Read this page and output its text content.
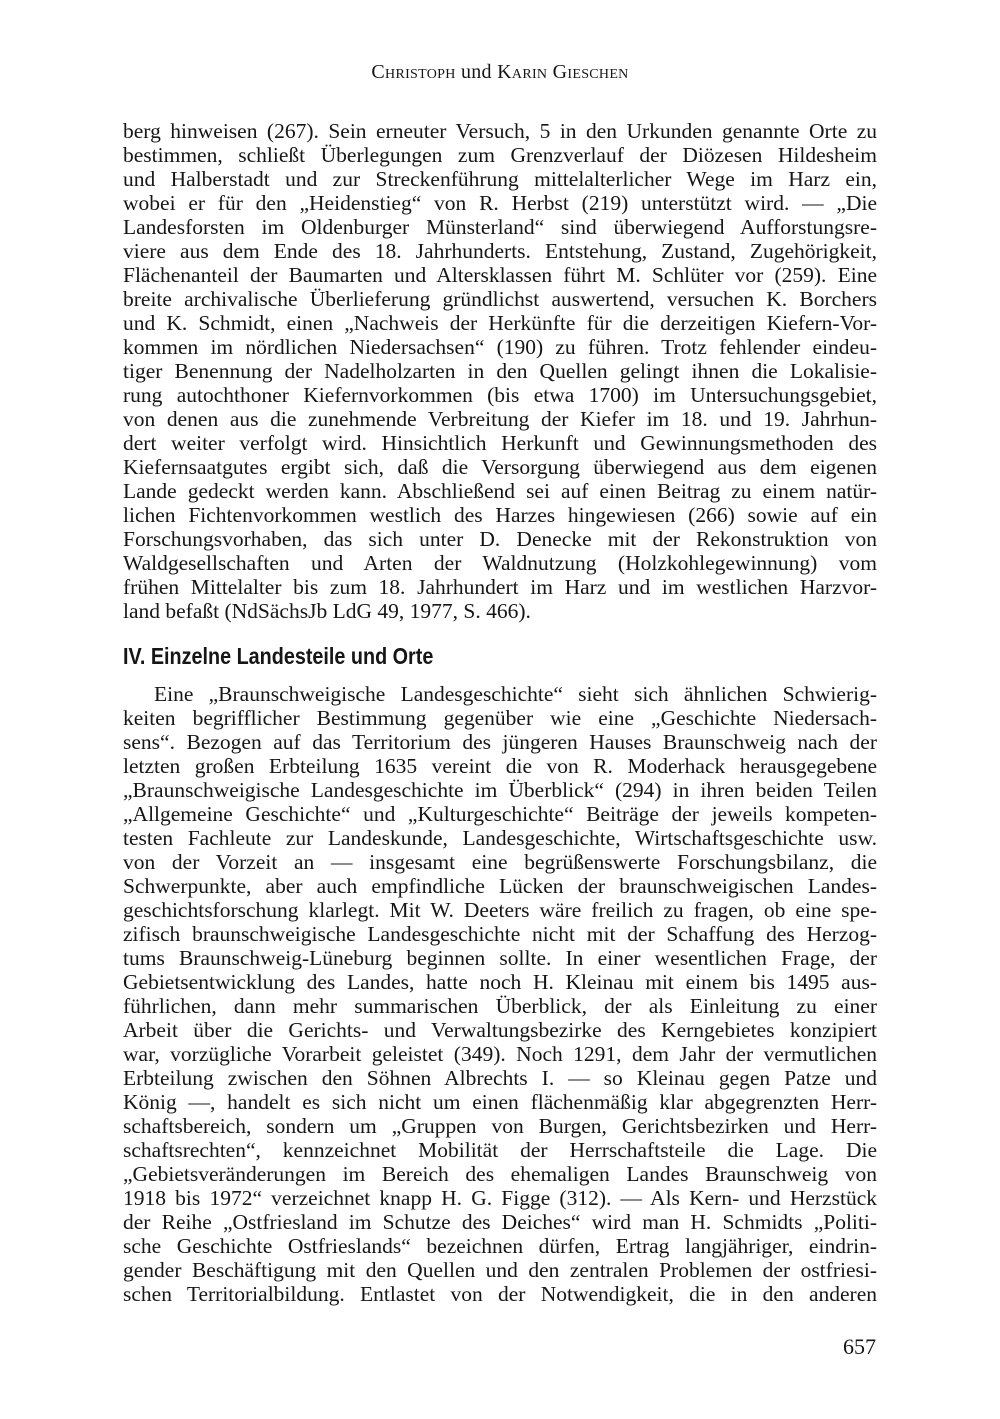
Christoph und Karin Gieschen
berg hinweisen (267). Sein erneuter Versuch, 5 in den Urkunden genannte Orte zu
bestimmen, schließt Überlegungen zum Grenzverlauf der Diözesen Hildesheim
und Halberstadt und zur Streckenführung mittelalterlicher Wege im Harz ein,
wobei er für den „Heidenstieg“ von R. Herbst (219) unterstützt wird. — „Die
Landesforsten im Oldenburger Münsterland“ sind überwiegend Aufforstungsre-
viere aus dem Ende des 18. Jahrhunderts. Entstehung, Zustand, Zugehörigkeit,
Flächenanteil der Baumarten und Altersklassen führt M. Schlüter vor (259). Eine
breite archivalische Überlieferung gründlichst auswertend, versuchen K. Borchers
und K. Schmidt, einen „Nachweis der Herkünfte für die derzeitigen Kiefern-Vor-
kommen im nördlichen Niedersachsen“ (190) zu führen. Trotz fehlender eindeu-
tiger Benennung der Nadelholzarten in den Quellen gelingt ihnen die Lokalisie-
rung autochthoner Kiefernvorkommen (bis etwa 1700) im Untersuchungsgebiet,
von denen aus die zunehmende Verbreitung der Kiefer im 18. und 19. Jahrhun-
dert weiter verfolgt wird. Hinsichtlich Herkunft und Gewinnungsmethoden des
Kiefernsaatgutes ergibt sich, daß die Versorgung überwiegend aus dem eigenen
Lande gedeckt werden kann. Abschließend sei auf einen Beitrag zu einem natür-
lichen Fichtenvorkommen westlich des Harzes hingewiesen (266) sowie auf ein
Forschungsvorhaben, das sich unter D. Denecke mit der Rekonstruktion von
Waldgesellschaften und Arten der Waldnutzung (Holzkohlegewinnung) vom
frühen Mittelalter bis zum 18. Jahrhundert im Harz und im westlichen Harzvor-
land befaßt (NdSächsJb LdG 49, 1977, S. 466).
IV. Einzelne Landesteile und Orte
Eine „Braunschweigische Landesgeschichte“ sieht sich ähnlichen Schwierig-
keiten begrifflicher Bestimmung gegenüber wie eine „Geschichte Niedersach-
sens“. Bezogen auf das Territorium des jüngeren Hauses Braunschweig nach der
letzten großen Erbteilung 1635 vereint die von R. Moderhack herausgegebene
„Braunschweigische Landesgeschichte im Überblick“ (294) in ihren beiden Teilen
„Allgemeine Geschichte“ und „Kulturgeschichte“ Beiträge der jeweils kompeten-
testen Fachleute zur Landeskunde, Landesgeschichte, Wirtschaftsgeschichte usw.
von der Vorzeit an — insgesamt eine begrüßenswerte Forschungsbilanz, die
Schwerpunkte, aber auch empfindliche Lücken der braunschweigischen Landes-
geschichtsforschung klarlegt. Mit W. Deeters wäre freilich zu fragen, ob eine spe-
zifisch braunschweigische Landesgeschichte nicht mit der Schaffung des Herzog-
tums Braunschweig-Lüneburg beginnen sollte. In einer wesentlichen Frage, der
Gebietsentwicklung des Landes, hatte noch H. Kleinau mit einem bis 1495 aus-
führlichen, dann mehr summarischen Überblick, der als Einleitung zu einer
Arbeit über die Gerichts- und Verwaltungsbezirke des Kerngebietes konzipiert
war, vorzügliche Vorarbeit geleistet (349). Noch 1291, dem Jahr der vermutlichen
Erbteilung zwischen den Söhnen Albrechts I. — so Kleinau gegen Patze und
König —, handelt es sich nicht um einen flächenmäßig klar abgegrenzten Herr-
schaftsbereich, sondern um „Gruppen von Burgen, Gerichtsbezirken und Herr-
schaftsrechten“, kennzeichnet Mobilität der Herrschaftsteile die Lage. Die
„Gebietsveränderungen im Bereich des ehemaligen Landes Braunschweig von
1918 bis 1972“ verzeichnet knapp H. G. Figge (312). — Als Kern- und Herzstück
der Reihe „Ostfriesland im Schutze des Deiches“ wird man H. Schmidts „Politi-
sche Geschichte Ostfrieslands“ bezeichnen dürfen, Ertrag langjähriger, eindrin-
gender Beschäftigung mit den Quellen und den zentralen Problemen der ostfriesi-
schen Territorialbildung. Entlastet von der Notwendigkeit, die in den anderen
657
